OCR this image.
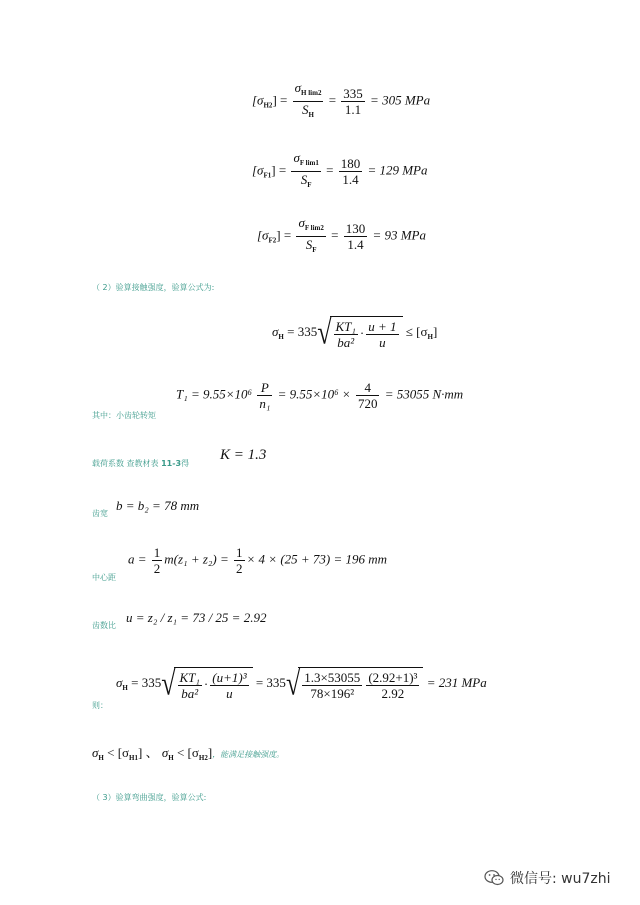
$[\sigma_{H2}] = \frac{\sigma_{H lim2}}{S_H} = \frac{335}{1.1} = 305$ MPa
$[\sigma_{F1}] = \frac{\sigma_{F lim1}}{S_F} = \frac{180}{1.4} = 129$ MPa
$[\sigma_{F2}] = \frac{\sigma_{F lim2}}{S_F} = \frac{130}{1.4} = 93$ MPa
（ 2）验算接触强度，验算公式为:
$\sigma_H = 335√ \frac{\text{KT₁}}{\text{ba²}} \cdot \frac{u + 1}{u} \le [\sigma_H]$
$T_1 = 9.55\times 10^6 \frac{P}{\text{n₁}} = 9.55\times 10^6 \times \frac{4}{720} = 53055$ N·mm
其中：小齿轮转矩
载荷系数 查教材表 11-3得
K = 1.3
齿宽
b = b₂ = 78 mm
中心距
$a = \frac{1}{2} m(z_1 + z_2) = \frac{1}{2} \times 4 \times (25 + 73) = 196$ mm
齿数比
u = z₂ / z₁ = 73 / 25 = 2.92
则：
$\sigma_H = 335√ \frac{\text{KT₁}}{\text{ba²}} \cdot \frac{\text{(u+1)³}}{u} = 335√ \frac{1.3\times 53055}{\text{78×196²}} \frac{\text{(2.92+1)³}}{2.92} = 231$ MPa
$\sigma_H < [\sigma_{H1}]$ 、 $\sigma_H < [\sigma_{H2}]$，能满足接触强度。
（ 3）验算弯曲强度，验算公式:
微信号: wu7zhi
